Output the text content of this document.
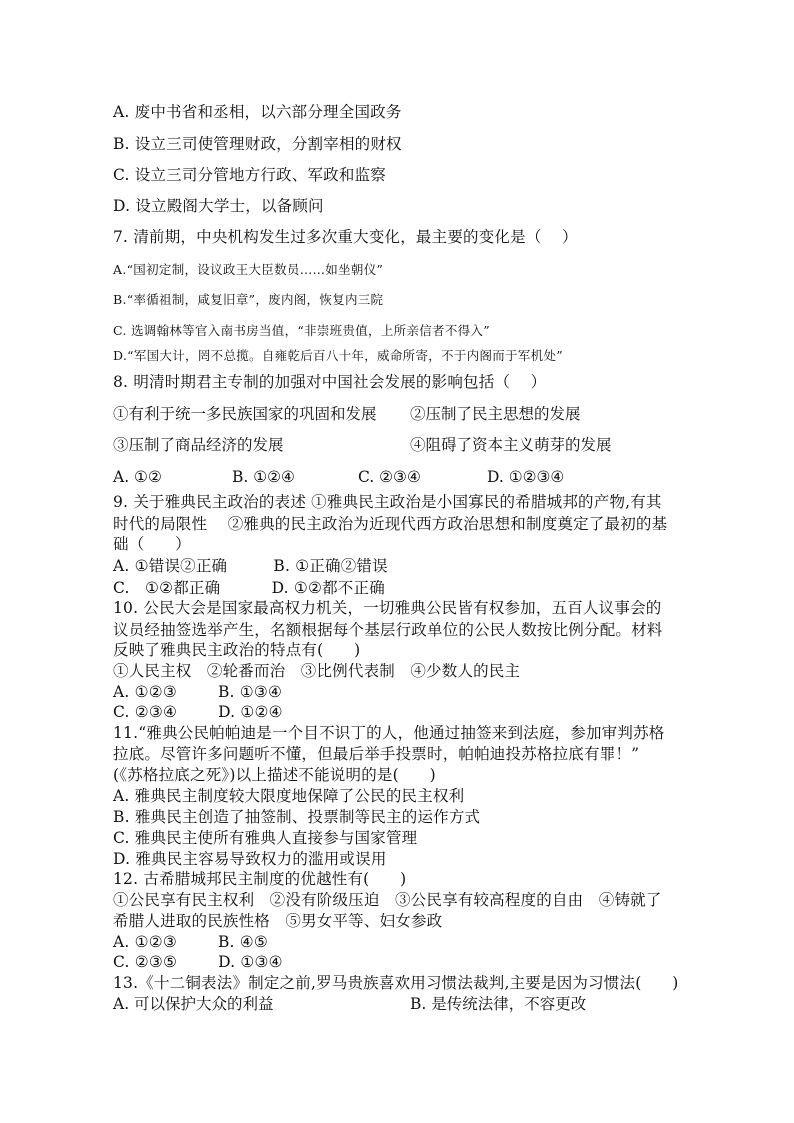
A. 废中书省和丞相，以六部分理全国政务
B. 设立三司使管理财政，分割宰相的财权
C. 设立三司分管地方行政、军政和监察
D. 设立殿阁大学士，以备顾问
7. 清前期，中央机构发生过多次重大变化，最主要的变化是（    ）
A.“国初定制，设议政王大臣数员……如坐朝仪”
B.“率循祖制，咸复旧章”，废内阁，恢复内三院
C. 选调翰林等官入南书房当值，“非崇班贵值，上所亲信者不得入”
D.“军国大计，罔不总揽。自雍乾后百八十年，威命所寄，不于内阁而于军机处”
8. 明清时期君主专制的加强对中国社会发展的影响包括（    ）
①有利于统一多民族国家的巩固和发展 ②压制了民主思想的发展
③压制了商品经济的发展	④阻碍了资本主义萌芽的发展
A. ①②	B. ①②④	C. ②③④	D. ①②③④
9. 关于雅典民主政治的表述 ①雅典民主政治是小国寡民的希腊城邦的产物,有其
时代的局限性    ②雅典的民主政治为近现代西方政治思想和制度奠定了最初的基
础（      ）
A. ①错误②正确         B. ①正确②错误
C.   ①②都正确          D. ①②都不正确
10. 公民大会是国家最高权力机关，一切雅典公民皆有权参加，五百人议事会的
议员经抽签选举产生，名额根据每个基层行政单位的公民人数按比例分配。材料
反映了雅典民主政治的特点有(      )
①人民主权   ②轮番而治   ③比例代表制   ④少数人的民主
A. ①②③        B. ①③④
C. ②③④        D. ①②④
11.“雅典公民帕帕迪是一个目不识丁的人，他通过抽签来到法庭，参加审判苏格
拉底。尽管许多问题听不懂，但最后举手投票时，帕帕迪投苏格拉底有罪！”
(《苏格拉底之死》)以上描述不能说明的是(      )
A. 雅典民主制度较大限度地保障了公民的民主权利
B. 雅典民主创造了抽签制、投票制等民主的运作方式
C. 雅典民主使所有雅典人直接参与国家管理
D. 雅典民主容易导致权力的滥用或误用
12. 古希腊城邦民主制度的优越性有(      )
①公民享有民主权利   ②没有阶级压迫   ③公民享有较高程度的自由   ④铸就了
希腊人进取的民族性格   ⑤男女平等、妇女参政
A. ①②③        B. ④⑤
C. ②③⑤        D. ①③④
13.《十二铜表法》制定之前,罗马贵族喜欢用习惯法裁判,主要是因为习惯法(      )
A. 可以保护大众的利益	B. 是传统法律，不容更改
